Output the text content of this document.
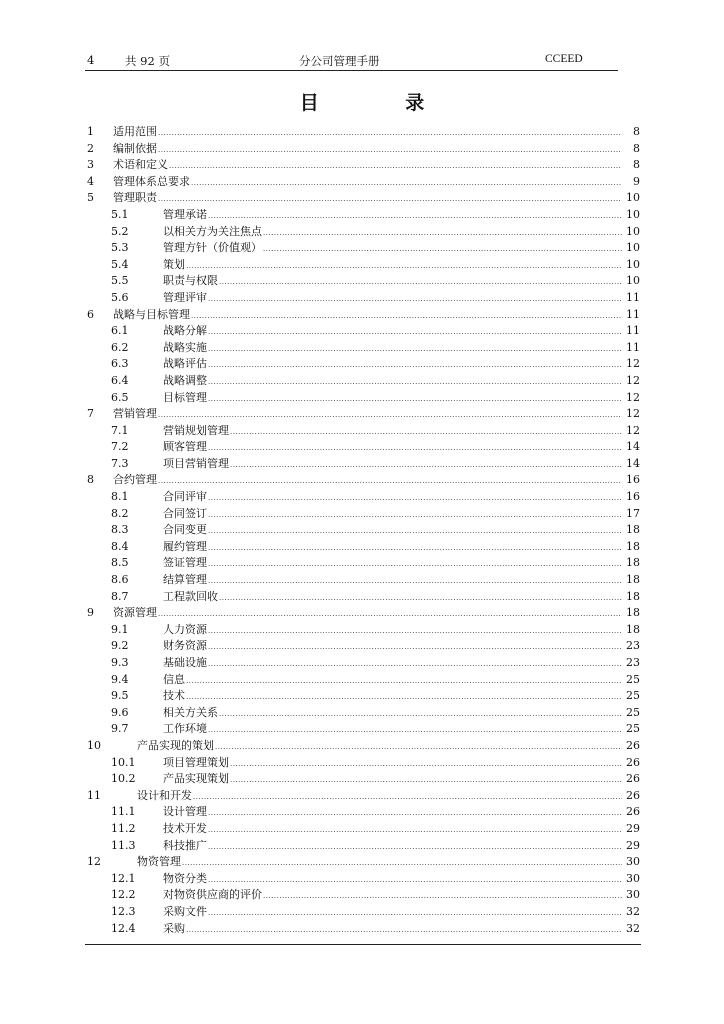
4	共 92 页	分公司管理手册	CCEED
目 录
1 适用范围 .....	8
2 编制依据 .....	8
3 术语和定义 .....	8
4 管理体系总要求 .....	9
5 管理职责 .....	10
5.1	管理承诺 .....	10
5.2	以相关方为关注焦点 .....	10
5.3	管理方针（价值观） .....	10
5.4	策划 .....	10
5.5	职责与权限 .....	10
5.6	管理评审 .....	11
6 战略与目标管理 .....	11
6.1	战略分解 .....	11
6.2	战略实施 .....	11
6.3	战略评估 .....	12
6.4	战略调整 .....	12
6.5	目标管理 .....	12
7 营销管理 .....	12
7.1	营销规划管理 .....	12
7.2	顾客管理 .....	14
7.3	项目营销管理 .....	14
8 合约管理 .....	16
8.1	合同评审 .....	16
8.2	合同签订 .....	17
8.3	合同变更 .....	18
8.4	履约管理 .....	18
8.5	签证管理 .....	18
8.6	结算管理 .....	18
8.7	工程款回收 .....	18
9 资源管理 .....	18
9.1	人力资源 .....	18
9.2	财务资源 .....	23
9.3	基础设施 .....	23
9.4	信息 .....	25
9.5	技术 .....	25
9.6	相关方关系 .....	25
9.7	工作环境 .....	25
10	产品实现的策划 .....	26
10.1	项目管理策划 .....	26
10.2	产品实现策划 .....	26
11	设计和开发 .....	26
11.1	设计管理 .....	26
11.2	技术开发 .....	29
11.3	科技推广 .....	29
12	物资管理 .....	30
12.1	物资分类 .....	30
12.2	对物资供应商的评价 .....	30
12.3	采购文件 .....	32
12.4	采购 .....	32
